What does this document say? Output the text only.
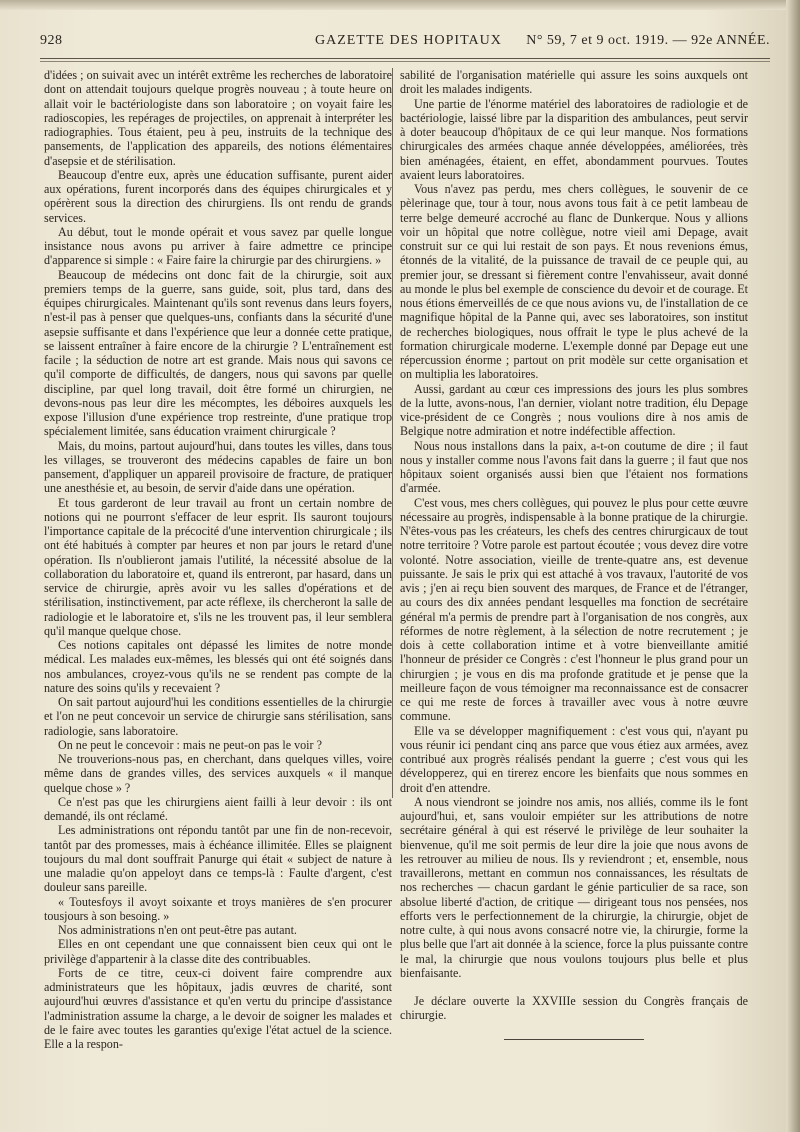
928	GAZETTE DES HOPITAUX N° 59, 7 et 9 oct. 1919. — 92e ANNÉE.

d'idées ; on suivait avec un intérêt extrême les recherches de laboratoire dont on attendait toujours quelque progrès nouveau ; à toute heure on allait voir le bactériologiste dans son laboratoire ; on voyait faire les radioscopies, les repérages de projectiles, on apprenait à interpréter les radiographies. Tous étaient, peu à peu, instruits de la technique des pansements, de l'application des appareils, des notions élémentaires d'asepsie et de stérilisation.

Beaucoup d'entre eux, après une éducation suffisante, purent aider aux opérations, furent incorporés dans des équipes chirurgicales et y opérèrent sous la direction des chirurgiens. Ils ont rendu de grands services.

Au début, tout le monde opérait et vous savez par quelle longue insistance nous avons pu arriver à faire admettre ce principe d'apparence si simple : « Faire faire la chirurgie par des chirurgiens. »

Beaucoup de médecins ont donc fait de la chirurgie, soit aux premiers temps de la guerre, sans guide, soit, plus tard, dans des équipes chirurgicales. Maintenant qu'ils sont revenus dans leurs foyers, n'est-il pas à penser que quelques-uns, confiants dans la sécurité d'une asepsie suffisante et dans l'expérience que leur a donnée cette pratique, se laissent entraîner à faire encore de la chirurgie ? L'entraînement est facile ; la séduction de notre art est grande. Mais nous qui savons ce qu'il comporte de difficultés, de dangers, nous qui savons par quelle discipline, par quel long travail, doit être formé un chirurgien, ne devons-nous pas leur dire les mécomptes, les déboires auxquels les expose l'illusion d'une expérience trop restreinte, d'une pratique trop spécialement limitée, sans éducation vraiment chirurgicale ?

Mais, du moins, partout aujourd'hui, dans toutes les villes, dans tous les villages, se trouveront des médecins capables de faire un bon pansement, d'appliquer un appareil provisoire de fracture, de pratiquer une anesthésie et, au besoin, de servir d'aide dans une opération.

Et tous garderont de leur travail au front un certain nombre de notions qui ne pourront s'effacer de leur esprit. Ils sauront toujours l'importance capitale de la précocité d'une intervention chirurgicale ; ils ont été habitués à compter par heures et non par jours le retard d'une opération. Ils n'oublieront jamais l'utilité, la nécessité absolue de la collaboration du laboratoire et, quand ils entreront, par hasard, dans un service de chirurgie, après avoir vu les salles d'opérations et de stérilisation, instinctivement, par acte réflexe, ils chercheront la salle de radiologie et le laboratoire et, s'ils ne les trouvent pas, il leur semblera qu'il manque quelque chose.

Ces notions capitales ont dépassé les limites de notre monde médical. Les malades eux-mêmes, les blessés qui ont été soignés dans nos ambulances, croyez-vous qu'ils ne se rendent pas compte de la nature des soins qu'ils y recevaient ?

On sait partout aujourd'hui les conditions essentielles de la chirurgie et l'on ne peut concevoir un service de chirurgie sans stérilisation, sans radiologie, sans laboratoire.

On ne peut le concevoir : mais ne peut-on pas le voir ?

Ne trouverions-nous pas, en cherchant, dans quelques villes, voire même dans de grandes villes, des services auxquels « il manque quelque chose » ?

Ce n'est pas que les chirurgiens aient failli à leur devoir : ils ont demandé, ils ont réclamé.

Les administrations ont répondu tantôt par une fin de non-recevoir, tantôt par des promesses, mais à échéance illimitée. Elles se plaignent toujours du mal dont souffrait Panurge qui était « subject de nature à une maladie qu'on appeloyt dans ce temps-là : Faulte d'argent, c'est douleur sans pareille.

« Toutesfoys il avoyt soixante et troys manières de s'en procurer tousjours à son besoing. »

Nos administrations n'en ont peut-être pas autant.

Elles en ont cependant une que connaissent bien ceux qui ont le privilège d'appartenir à la classe dite des contribuables.

Forts de ce titre, ceux-ci doivent faire comprendre aux administrateurs que les hôpitaux, jadis œuvres de charité, sont aujourd'hui œuvres d'assistance et qu'en vertu du principe d'assistance l'administration assume la charge, a le devoir de soigner les malades et de le faire avec toutes les garanties qu'exige l'état actuel de la science. Elle a la respon-

sabilité de l'organisation matérielle qui assure les soins auxquels ont droit les malades indigents.

Une partie de l'énorme matériel des laboratoires de radiologie et de bactériologie, laissé libre par la disparition des ambulances, peut servir à doter beaucoup d'hôpitaux de ce qui leur manque. Nos formations chirurgicales des armées chaque année développées, améliorées, très bien aménagées, étaient, en effet, abondamment pourvues. Toutes avaient leurs laboratoires.

Vous n'avez pas perdu, mes chers collègues, le souvenir de ce pèlerinage que, tour à tour, nous avons tous fait à ce petit lambeau de terre belge demeuré accroché au flanc de Dunkerque. Nous y allions voir un hôpital que notre collègue, notre vieil ami Depage, avait construit sur ce qui lui restait de son pays. Et nous revenions émus, étonnés de la vitalité, de la puissance de travail de ce peuple qui, au premier jour, se dressant si fièrement contre l'envahisseur, avait donné au monde le plus bel exemple de conscience du devoir et de courage. Et nous étions émerveillés de ce que nous avions vu, de l'installation de ce magnifique hôpital de la Panne qui, avec ses laboratoires, son institut de recherches biologiques, nous offrait le type le plus achevé de la formation chirurgicale moderne. L'exemple donné par Depage eut une répercussion énorme ; partout on prit modèle sur cette organisation et on multiplia les laboratoires.

Aussi, gardant au cœur ces impressions des jours les plus sombres de la lutte, avons-nous, l'an dernier, violant notre tradition, élu Depage vice-président de ce Congrès ; nous voulions dire à nos amis de Belgique notre admiration et notre indéfectible affection.

Nous nous installons dans la paix, a-t-on coutume de dire ; il faut nous y installer comme nous l'avons fait dans la guerre ; il faut que nos hôpitaux soient organisés aussi bien que l'étaient nos formations d'armée.

C'est vous, mes chers collègues, qui pouvez le plus pour cette œuvre nécessaire au progrès, indispensable à la bonne pratique de la chirurgie. N'êtes-vous pas les créateurs, les chefs des centres chirurgicaux de tout notre territoire ? Votre parole est partout écoutée ; vous devez dire votre volonté. Notre association, vieille de trente-quatre ans, est devenue puissante. Je sais le prix qui est attaché à vos travaux, l'autorité de vos avis ; j'en ai reçu bien souvent des marques, de France et de l'étranger, au cours des dix années pendant lesquelles ma fonction de secrétaire général m'a permis de prendre part à l'organisation de nos congrès, aux réformes de notre règlement, à la sélection de notre recrutement ; je dois à cette collaboration intime et à votre bienveillante amitié l'honneur de présider ce Congrès : c'est l'honneur le plus grand pour un chirurgien ; je vous en dis ma profonde gratitude et je pense que la meilleure façon de vous témoigner ma reconnaissance est de consacrer ce qui me reste de forces à travailler avec vous à notre œuvre commune.

Elle va se développer magnifiquement : c'est vous qui, n'ayant pu vous réunir ici pendant cinq ans parce que vous étiez aux armées, avez contribué aux progrès réalisés pendant la guerre ; c'est vous qui les développerez, qui en tirerez encore les bienfaits que nous sommes en droit d'en attendre.

A nous viendront se joindre nos amis, nos alliés, comme ils le font aujourd'hui, et, sans vouloir empiéter sur les attributions de notre secrétaire général à qui est réservé le privilège de leur souhaiter la bienvenue, qu'il me soit permis de leur dire la joie que nous avons de les retrouver au milieu de nous. Ils y reviendront ; et, ensemble, nous travaillerons, mettant en commun nos connaissances, les résultats de nos recherches — chacun gardant le génie particulier de sa race, son absolue liberté d'action, de critique — dirigeant tous nos pensées, nos efforts vers le perfectionnement de la chirurgie, la chirurgie, objet de notre culte, à qui nous avons consacré notre vie, la chirurgie, forme la plus belle que l'art ait donnée à la science, force la plus puissante contre le mal, la chirurgie que nous voulons toujours plus belle et plus bienfaisante.

Je déclare ouverte la XXVIIIe session du Congrès français de chirurgie.
